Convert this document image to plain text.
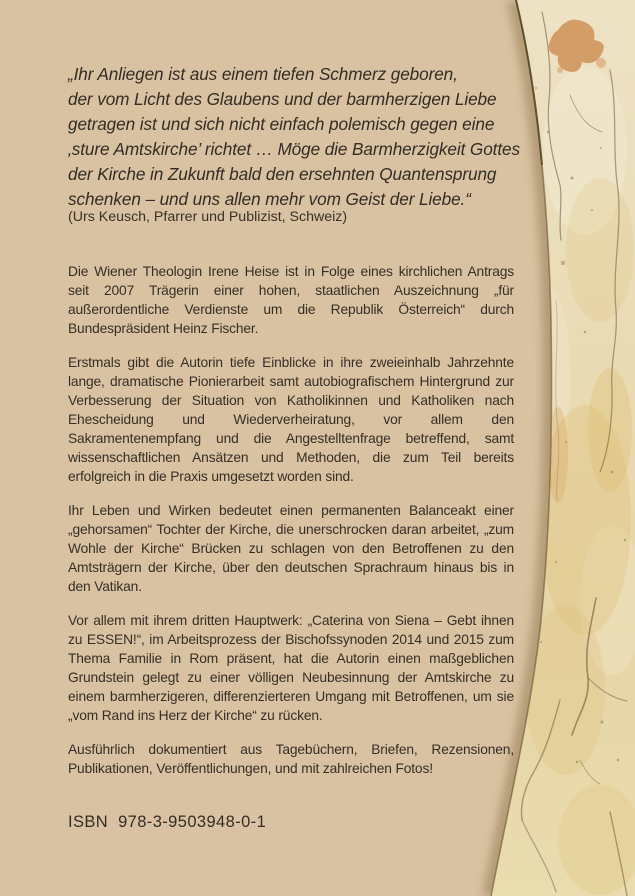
„Ihr Anliegen ist aus einem tiefen Schmerz geboren,
der vom Licht des Glaubens und der barmherzigen Liebe
getragen ist und sich nicht einfach polemisch gegen eine
‚sture Amtskirche’ richtet … Möge die Barmherzigkeit Gottes
der Kirche in Zukunft bald den ersehnten Quantensprung
schenken – und uns allen mehr vom Geist der Liebe.“
(Urs Keusch, Pfarrer und Publizist, Schweiz)

Die Wiener Theologin Irene Heise ist in Folge eines kirchlichen Antrags seit 2007 Trägerin einer hohen, staatlichen Auszeichnung „für außerordentliche Verdienste um die Republik Österreich“ durch Bundespräsident Heinz Fischer.

Erstmals gibt die Autorin tiefe Einblicke in ihre zweieinhalb Jahrzehnte lange, dramatische Pionierarbeit samt autobiografischem Hintergrund zur Verbesserung der Situation von Katholikinnen und Katholiken nach Ehescheidung und Wiederverheiratung, vor allem den Sakramentenempfang und die Angestelltenfrage betreffend, samt wissenschaftlichen Ansätzen und Methoden, die zum Teil bereits erfolgreich in die Praxis umgesetzt worden sind.

Ihr Leben und Wirken bedeutet einen permanenten Balanceakt einer „gehorsamen“ Tochter der Kirche, die unerschrocken daran arbeitet, „zum Wohle der Kirche“ Brücken zu schlagen von den Betroffenen zu den Amtsträgern der Kirche, über den deutschen Sprachraum hinaus bis in den Vatikan.

Vor allem mit ihrem dritten Hauptwerk: „Caterina von Siena – Gebt ihnen zu ESSEN!“, im Arbeitsprozess der Bischofssynoden 2014 und 2015 zum Thema Familie in Rom präsent, hat die Autorin einen maßgeblichen Grundstein gelegt zu einer völligen Neubesinnung der Amtskirche zu einem barmherzigeren, differenzierteren Umgang mit Betroffenen, um sie „vom Rand ins Herz der Kirche“ zu rücken.

Ausführlich dokumentiert aus Tagebüchern, Briefen, Rezensionen, Publikationen, Veröffentlichungen, und mit zahlreichen Fotos!

ISBN  978-3-9503948-0-1
